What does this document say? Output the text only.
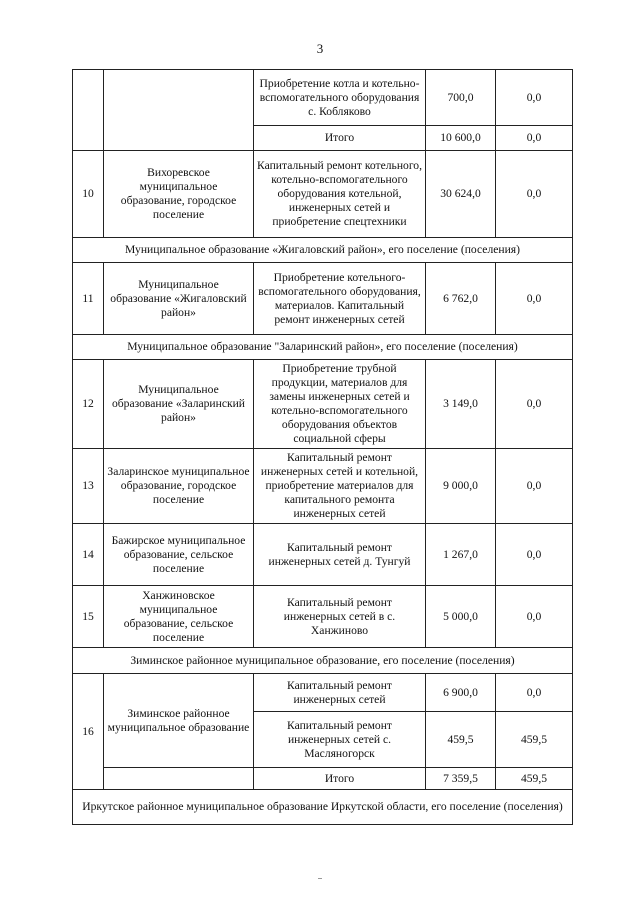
3
		Приобретение котла и котельно-вспомогательного оборудования с. Кобляково	700,0	0,0
		Итого	10 600,0	0,0
10	Вихоревское муниципальное образование, городское поселение	Капитальный ремонт котельного, котельно-вспомогательного оборудования котельной, инженерных сетей и приобретение спецтехники	30 624,0	0,0
Муниципальное образование «Жигаловский район», его поселение (поселения)				
11	Муниципальное образование «Жигаловский район»	Приобретение котельного-вспомогательного оборудования, материалов. Капитальный ремонт инженерных сетей	6 762,0	0,0
Муниципальное образование "Заларинский район», его поселение (поселения)				
12	Муниципальное образование «Заларинский район»	Приобретение трубной продукции, материалов для замены инженерных сетей и котельно-вспомогательного оборудования объектов социальной сферы	3 149,0	0,0
13	Заларинское муниципальное образование, городское поселение	Капитальный ремонт инженерных сетей и котельной, приобретение материалов для капитального ремонта инженерных сетей	9 000,0	0,0
14	Бажирское муниципальное образование, сельское поселение	Капитальный ремонт инженерных сетей д. Тунгуй	1 267,0	0,0
15	Ханжиновское муниципальное образование, сельское поселение	Капитальный ремонт инженерных сетей в с. Ханжиново	5 000,0	0,0
Зиминское районное муниципальное образование, его поселение (поселения)				
16	Зиминское районное муниципальное образование	Капитальный ремонт инженерных сетей	6 900,0	0,0
		Капитальный ремонт инженерных сетей с. Масляногорск	459,5	459,5
		Итого	7 359,5	459,5
Иркутское районное муниципальное образование Иркутской области, его поселение (поселения)				
